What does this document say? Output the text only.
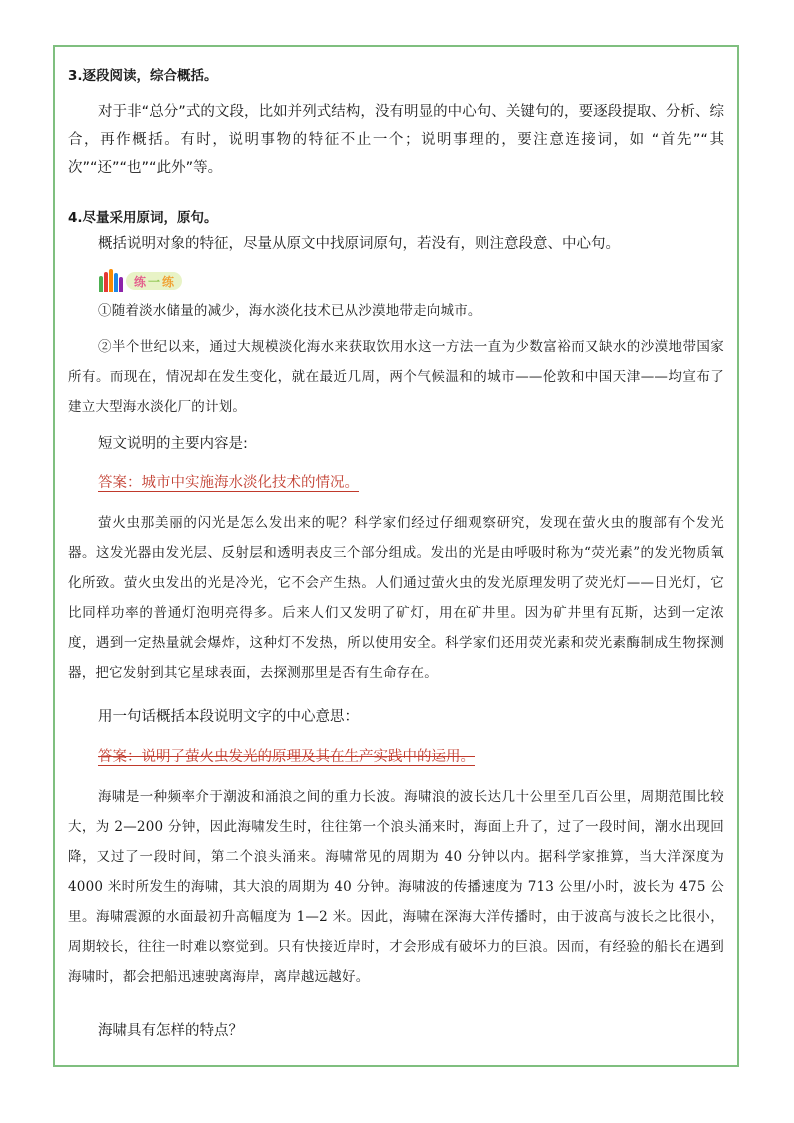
3.逐段阅读，综合概括。
对于非“总分”式的文段，比如并列式结构，没有明显的中心句、关键句的，要逐段提取、分析、综合，再作概括。有时，说明事物的特征不止一个；说明事理的，要注意连接词，如 “首先”“其次”“还”“也”“此外”等。
4.尽量采用原词，原句。
概括说明对象的特征，尽量从原文中找原词原句，若没有，则注意段意、中心句。
练 一 练
①随着淡水储量的减少，海水淡化技术已从沙漠地带走向城市。
②半个世纪以来，通过大规模淡化海水来获取饮用水这一方法一直为少数富裕而又缺水的沙漠地带国家所有。而现在，情况却在发生变化，就在最近几周，两个气候温和的城市——伦敦和中国天津——均宣布了建立大型海水淡化厂的计划。
短文说明的主要内容是:
答案：城市中实施海水淡化技术的情况。
萤火虫那美丽的闪光是怎么发出来的呢？科学家们经过仔细观察研究，发现在萤火虫的腹部有个发光器。这发光器由发光层、反射层和透明表皮三个部分组成。发出的光是由呼吸时称为“荧光素”的发光物质氧化所致。萤火虫发出的光是冷光，它不会产生热。人们通过萤火虫的发光原理发明了荧光灯——日光灯，它比同样功率的普通灯泡明亮得多。后来人们又发明了矿灯，用在矿井里。因为矿井里有瓦斯，达到一定浓度，遇到一定热量就会爆炸，这种灯不发热，所以使用安全。科学家们还用荧光素和荧光素酶制成生物探测器，把它发射到其它星球表面，去探测那里是否有生命存在。
用一句话概括本段说明文字的中心意思：
答案：说明了萤火虫发光的原理及其在生产实践中的运用。
海啸是一种频率介于潮波和涌浪之间的重力长波。海啸浪的波长达几十公里至几百公里，周期范围比较大，为 2—200 分钟，因此海啸发生时，往往第一个浪头涌来时，海面上升了，过了一段时间，潮水出现回降，又过了一段时间，第二个浪头涌来。海啸常见的周期为 40 分钟以内。据科学家推算，当大洋深度为 4000 米时所发生的海啸，其大浪的周期为 40 分钟。海啸波的传播速度为 713 公里/小时，波长为 475 公里。海啸震源的水面最初升高幅度为 1—2 米。因此，海啸在深海大洋传播时，由于波高与波长之比很小，周期较长，往往一时难以察觉到。只有快接近岸时，才会形成有破坏力的巨浪。因而，有经验的船长在遇到海啸时，都会把船迅速驶离海岸，离岸越远越好。
海啸具有怎样的特点？
